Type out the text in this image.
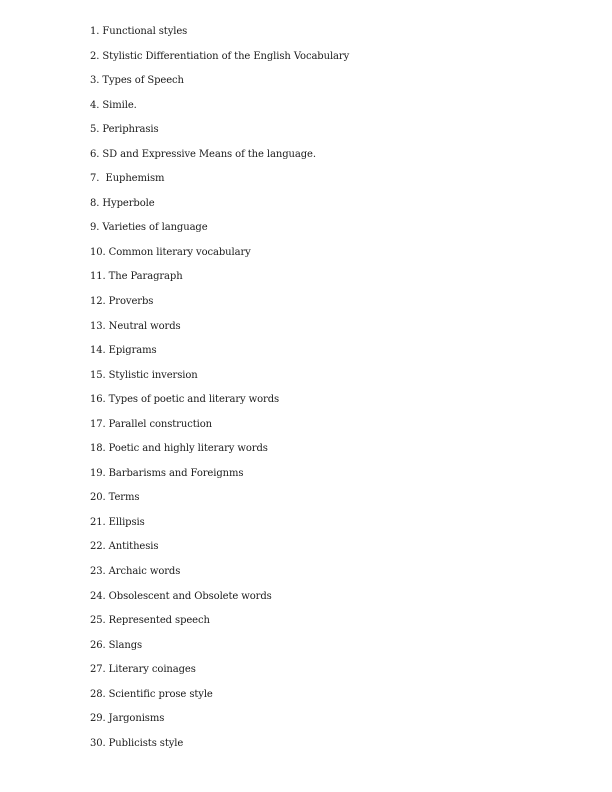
1. Functional styles
2. Stylistic Differentiation of the English Vocabulary
3. Types of Speech
4. Simile.
5. Periphrasis
6. SD and Expressive Means of the language.
7.  Euphemism
8. Hyperbole
9. Varieties of language
10. Common literary vocabulary
11. The Paragraph
12. Proverbs
13. Neutral words
14. Epigrams
15. Stylistic inversion
16. Types of poetic and literary words
17. Parallel construction
18. Poetic and highly literary words
19. Barbarisms and Foreignms
20. Terms
21. Ellipsis
22. Antithesis
23. Archaic words
24. Obsolescent and Obsolete words
25. Represented speech
26. Slangs
27. Literary coinages
28. Scientific prose style
29. Jargonisms
30. Publicists style
